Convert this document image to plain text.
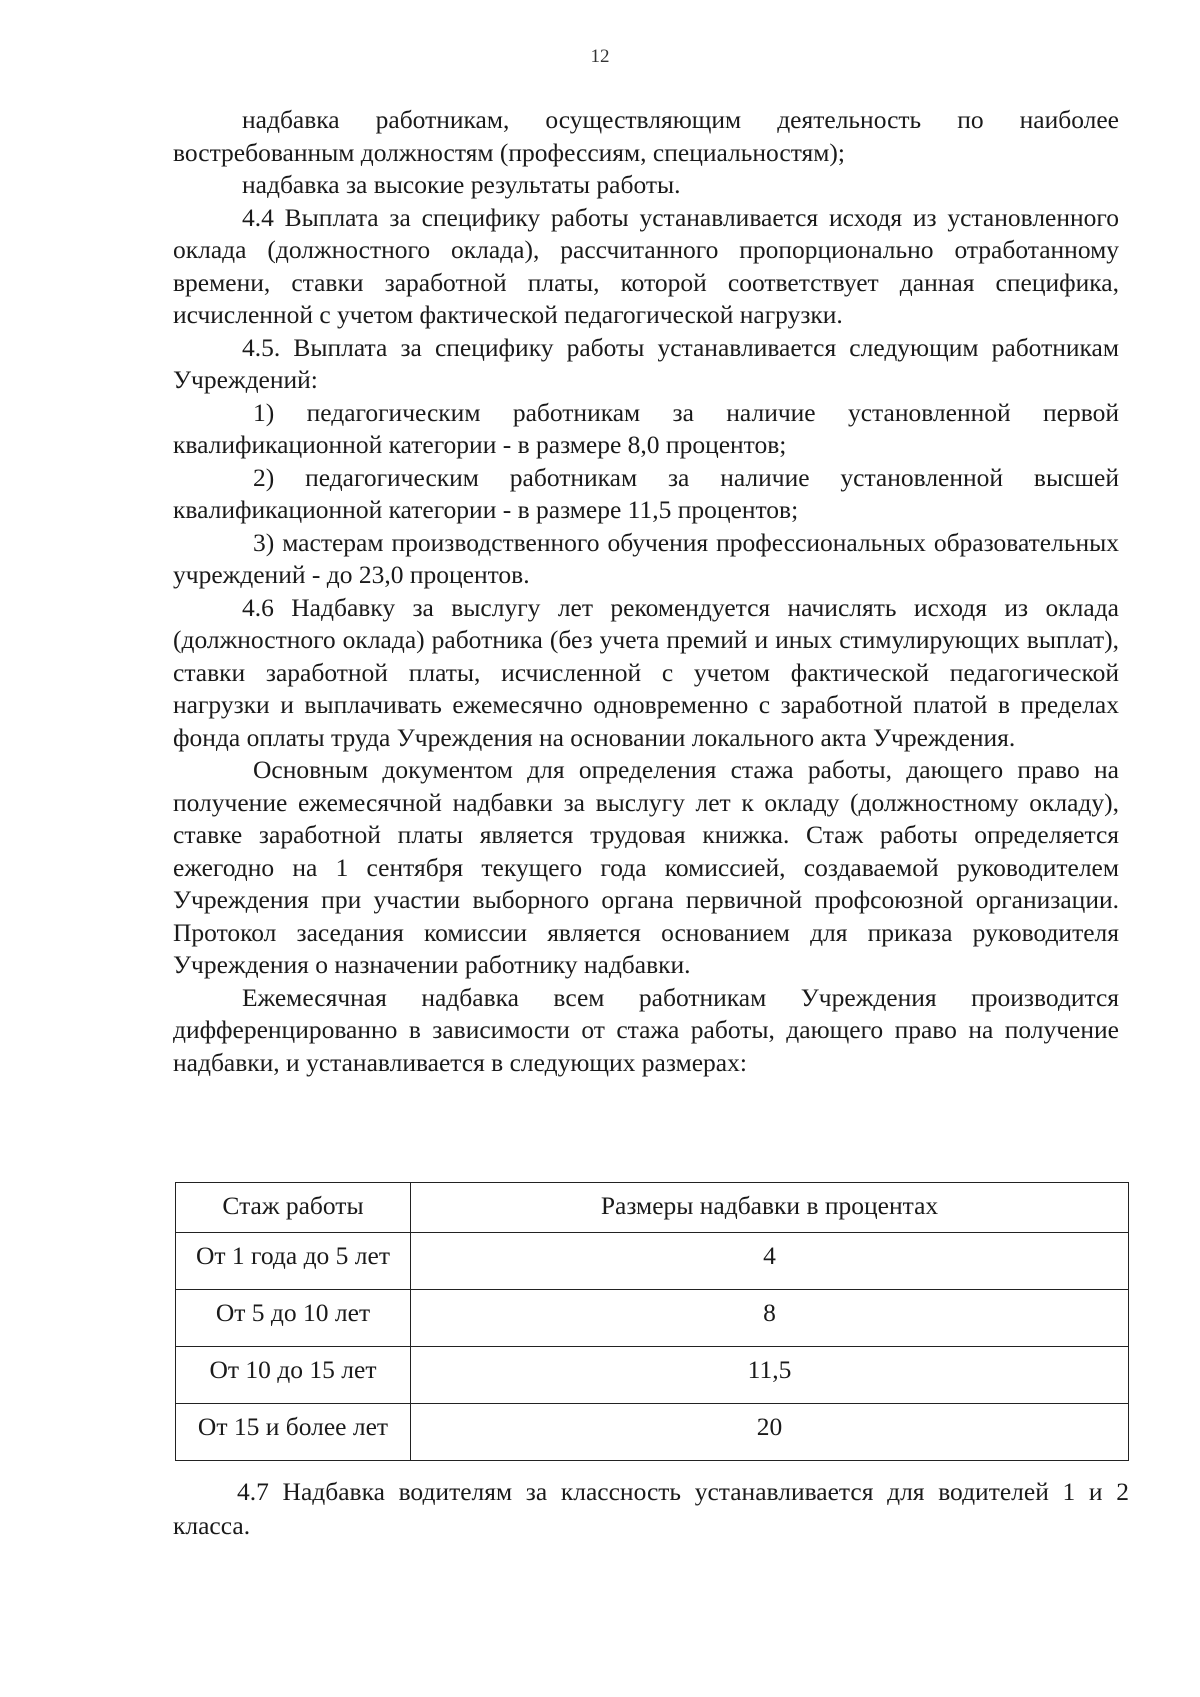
12

надбавка работникам, осуществляющим деятельность по наиболее востребованным должностям (профессиям, специальностям);

надбавка за высокие результаты работы.

4.4 Выплата за специфику работы устанавливается исходя из установленного оклада (должностного оклада), рассчитанного пропорционально отработанному времени, ставки заработной платы, которой соответствует данная специфика, исчисленной с учетом фактической педагогической нагрузки.

4.5. Выплата за специфику работы устанавливается следующим работникам Учреждений:

1) педагогическим работникам за наличие установленной первой квалификационной категории - в размере 8,0 процентов;

2) педагогическим работникам за наличие установленной высшей квалификационной категории - в размере 11,5 процентов;

3) мастерам производственного обучения профессиональных образовательных учреждений - до 23,0 процентов.

4.6 Надбавку за выслугу лет рекомендуется начислять исходя из оклада (должностного оклада) работника (без учета премий и иных стимулирующих выплат), ставки заработной платы, исчисленной с учетом фактической педагогической нагрузки и выплачивать ежемесячно одновременно с заработной платой в пределах фонда оплаты труда Учреждения на основании локального акта Учреждения.

Основным документом для определения стажа работы, дающего право на получение ежемесячной надбавки за выслугу лет к окладу (должностному окладу), ставке заработной платы является трудовая книжка. Стаж работы определяется ежегодно на 1 сентября текущего года комиссией, создаваемой руководителем Учреждения при участии выборного органа первичной профсоюзной организации. Протокол заседания комиссии является основанием для приказа руководителя Учреждения о назначении работнику надбавки.

Ежемесячная надбавка всем работникам Учреждения производится дифференцированно в зависимости от стажа работы, дающего право на получение надбавки, и устанавливается в следующих размерах:

Стаж работы	Размеры надбавки в процентах
От 1 года до 5 лет	4
От 5 до 10 лет	8
От 10 до 15 лет	11,5
От 15 и более лет	20

4.7 Надбавка водителям за классность устанавливается для водителей 1 и 2 класса.
